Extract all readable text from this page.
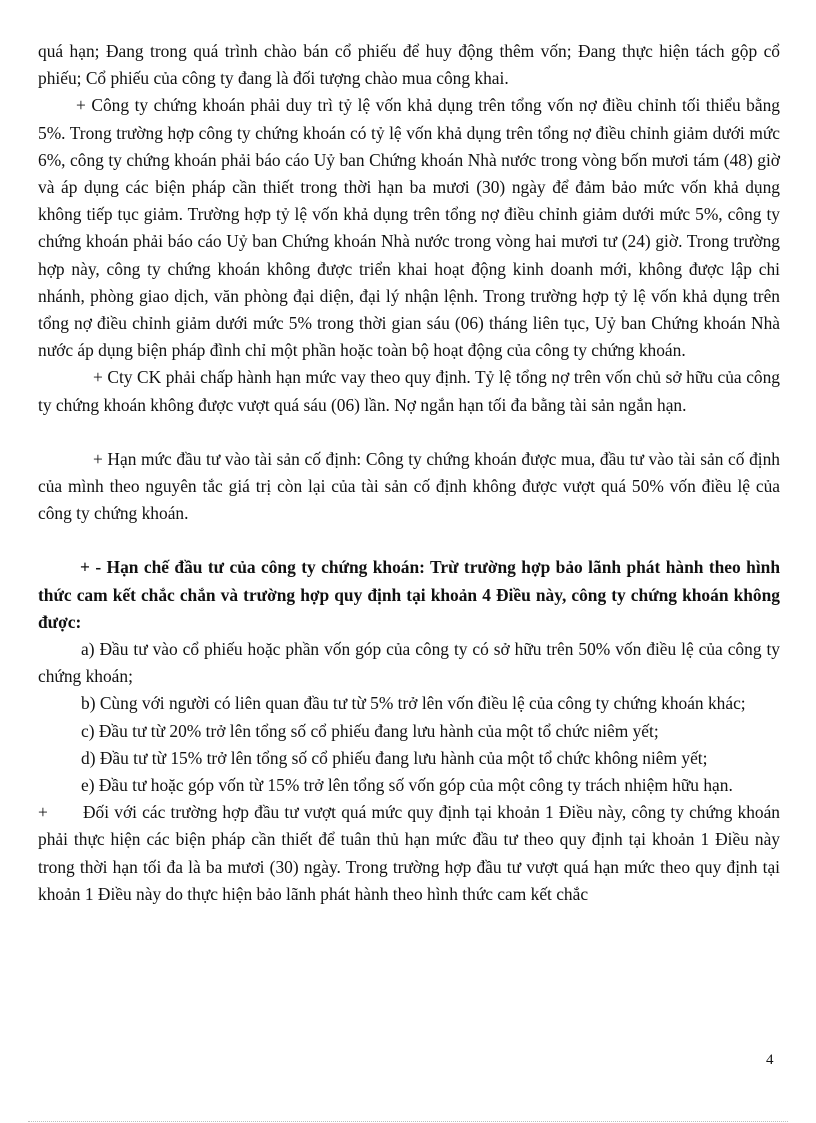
quá hạn; Đang trong quá trình chào bán cổ phiếu để huy động thêm vốn; Đang thực hiện tách gộp cổ phiếu; Cổ phiếu của công ty đang là đối tượng chào mua công khai.

+ Công ty chứng khoán phải duy trì tỷ lệ vốn khả dụng trên tổng vốn nợ điều chỉnh tối thiểu bằng 5%. Trong trường hợp công ty chứng khoán có tỷ lệ vốn khả dụng trên tổng nợ điều chỉnh giảm dưới mức 6%, công ty chứng khoán phải báo cáo Uỷ ban Chứng khoán Nhà nước trong vòng bốn mươi tám (48) giờ và áp dụng các biện pháp cần thiết trong thời hạn ba mươi (30) ngày để đảm bảo mức vốn khả dụng không tiếp tục giảm. Trường hợp tỷ lệ vốn khả dụng trên tổng nợ điều chỉnh giảm dưới mức 5%, công ty chứng khoán phải báo cáo Uỷ ban Chứng khoán Nhà nước trong vòng hai mươi tư (24) giờ. Trong trường hợp này, công ty chứng khoán không được triển khai hoạt động kinh doanh mới, không được lập chi nhánh, phòng giao dịch, văn phòng đại diện, đại lý nhận lệnh. Trong trường hợp tỷ lệ vốn khả dụng trên tổng nợ điều chỉnh giảm dưới mức 5% trong thời gian sáu (06) tháng liên tục, Uỷ ban Chứng khoán Nhà nước áp dụng biện pháp đình chỉ một phần hoặc toàn bộ hoạt động của công ty chứng khoán.

+ Cty CK phải chấp hành hạn mức vay theo quy định. Tỷ lệ tổng nợ trên vốn chủ sở hữu của công ty chứng khoán không được vượt quá sáu (06) lần. Nợ ngắn hạn tối đa bằng tài sản ngắn hạn.

+ Hạn mức đầu tư vào tài sản cố định: Công ty chứng khoán được mua, đầu tư vào tài sản cố định của mình theo nguyên tắc giá trị còn lại của tài sản cố định không được vượt quá 50% vốn điều lệ của công ty chứng khoán.

+ - Hạn chế đầu tư của công ty chứng khoán: Trừ trường hợp bảo lãnh phát hành theo hình thức cam kết chắc chắn và trường hợp quy định tại khoản 4 Điều này, công ty chứng khoán không được:

a) Đầu tư vào cổ phiếu hoặc phần vốn góp của công ty có sở hữu trên 50% vốn điều lệ của công ty chứng khoán;

b) Cùng với người có liên quan đầu tư từ 5% trở lên vốn điều lệ của công ty chứng khoán khác;

c) Đầu tư từ 20% trở lên tổng số cổ phiếu đang lưu hành của một tổ chức niêm yết;

d) Đầu tư từ 15% trở lên tổng số cổ phiếu đang lưu hành của một tổ chức không niêm yết;

e) Đầu tư hoặc góp vốn từ 15% trở lên tổng số vốn góp của một công ty trách nhiệm hữu hạn.

+ Đối với các trường hợp đầu tư vượt quá mức quy định tại khoản 1 Điều này, công ty chứng khoán phải thực hiện các biện pháp cần thiết để tuân thủ hạn mức đầu tư theo quy định tại khoản 1 Điều này trong thời hạn tối đa là ba mươi (30) ngày. Trong trường hợp đầu tư vượt quá hạn mức theo quy định tại khoản 1 Điều này do thực hiện bảo lãnh phát hành theo hình thức cam kết chắc

4
